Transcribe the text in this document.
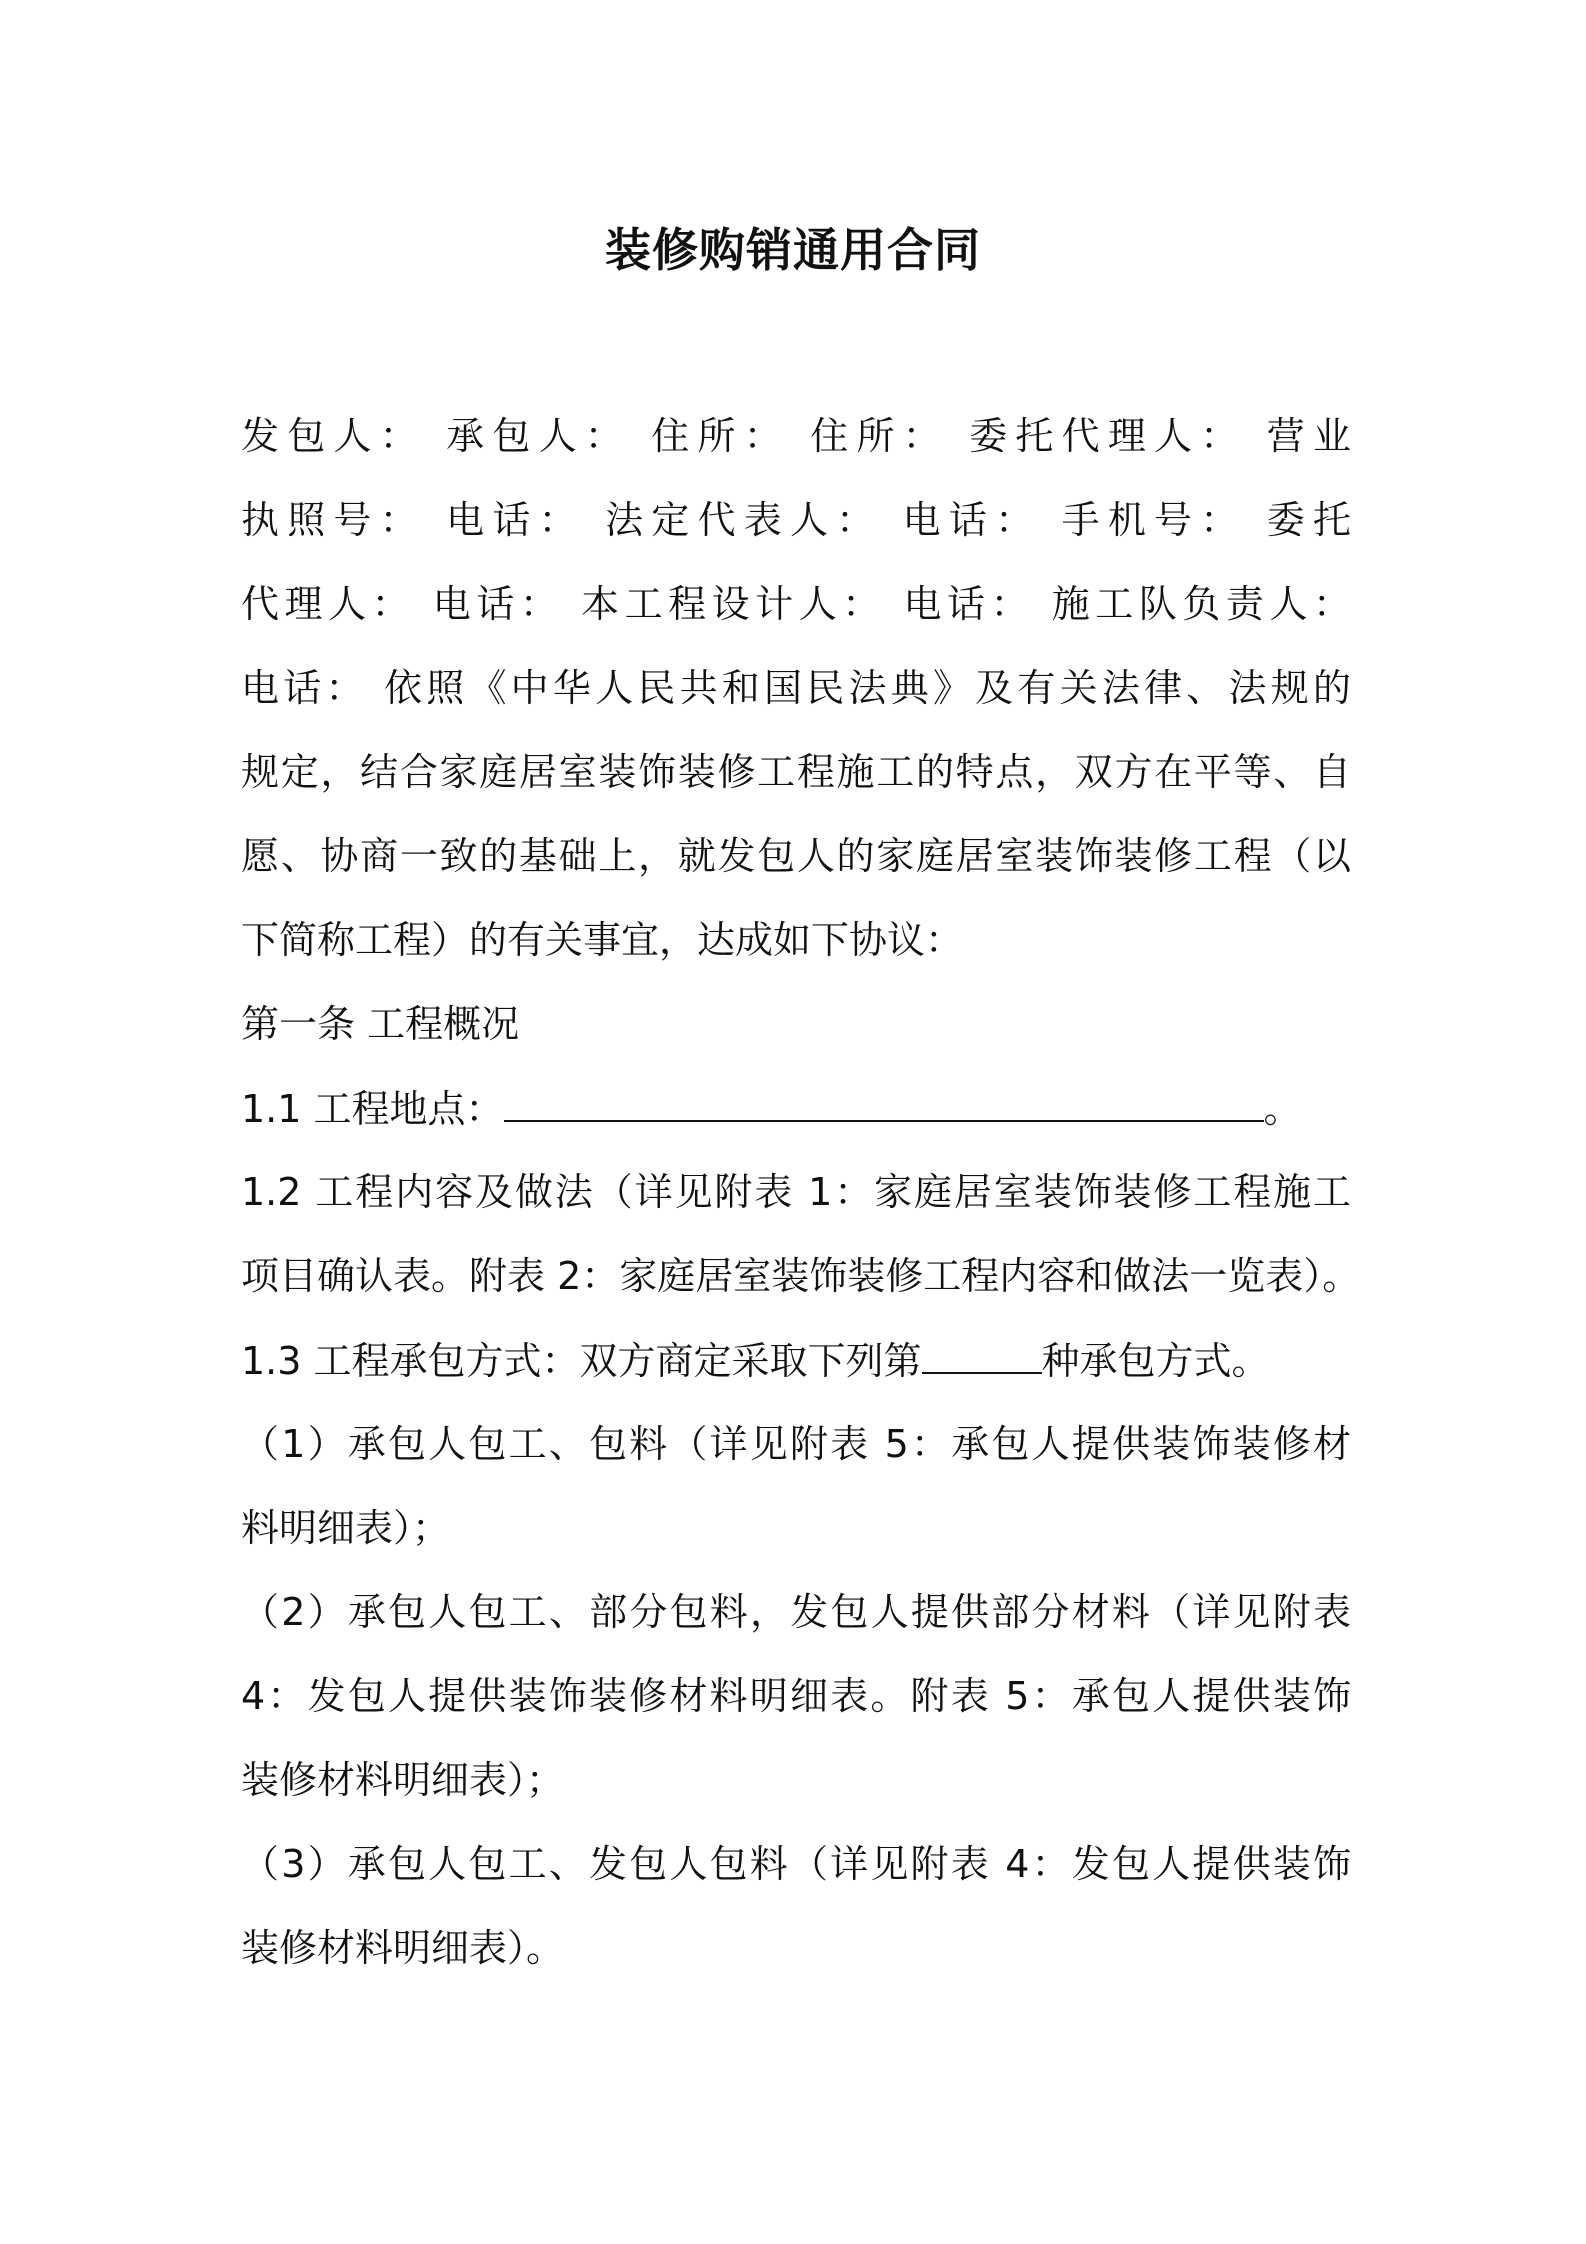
装修购销通用合同
发包人： 承包人： 住所： 住所： 委托代理人： 营业
执照号： 电话： 法定代表人： 电话： 手机号： 委托
代理人： 电话： 本工程设计人： 电话： 施工队负责人：
电话： 依照《中华人民共和国民法典》及有关法律、法规的
规定，结合家庭居室装饰装修工程施工的特点，双方在平等、自
愿、协商一致的基础上，就发包人的家庭居室装饰装修工程（以
下简称工程）的有关事宜，达成如下协议：
第一条 工程概况
1.1 工程地点：	。
1.2 工程内容及做法（详见附表 1：家庭居室装饰装修工程施工
项目确认表。附表 2：家庭居室装饰装修工程内容和做法一览表）。
1.3 工程承包方式：双方商定采取下列第	种承包方式。
（1）承包人包工、包料（详见附表 5：承包人提供装饰装修材
料明细表）；
（2）承包人包工、部分包料，发包人提供部分材料（详见附表
4：发包人提供装饰装修材料明细表。附表 5：承包人提供装饰
装修材料明细表）；
（3）承包人包工、发包人包料（详见附表 4：发包人提供装饰
装修材料明细表）。
